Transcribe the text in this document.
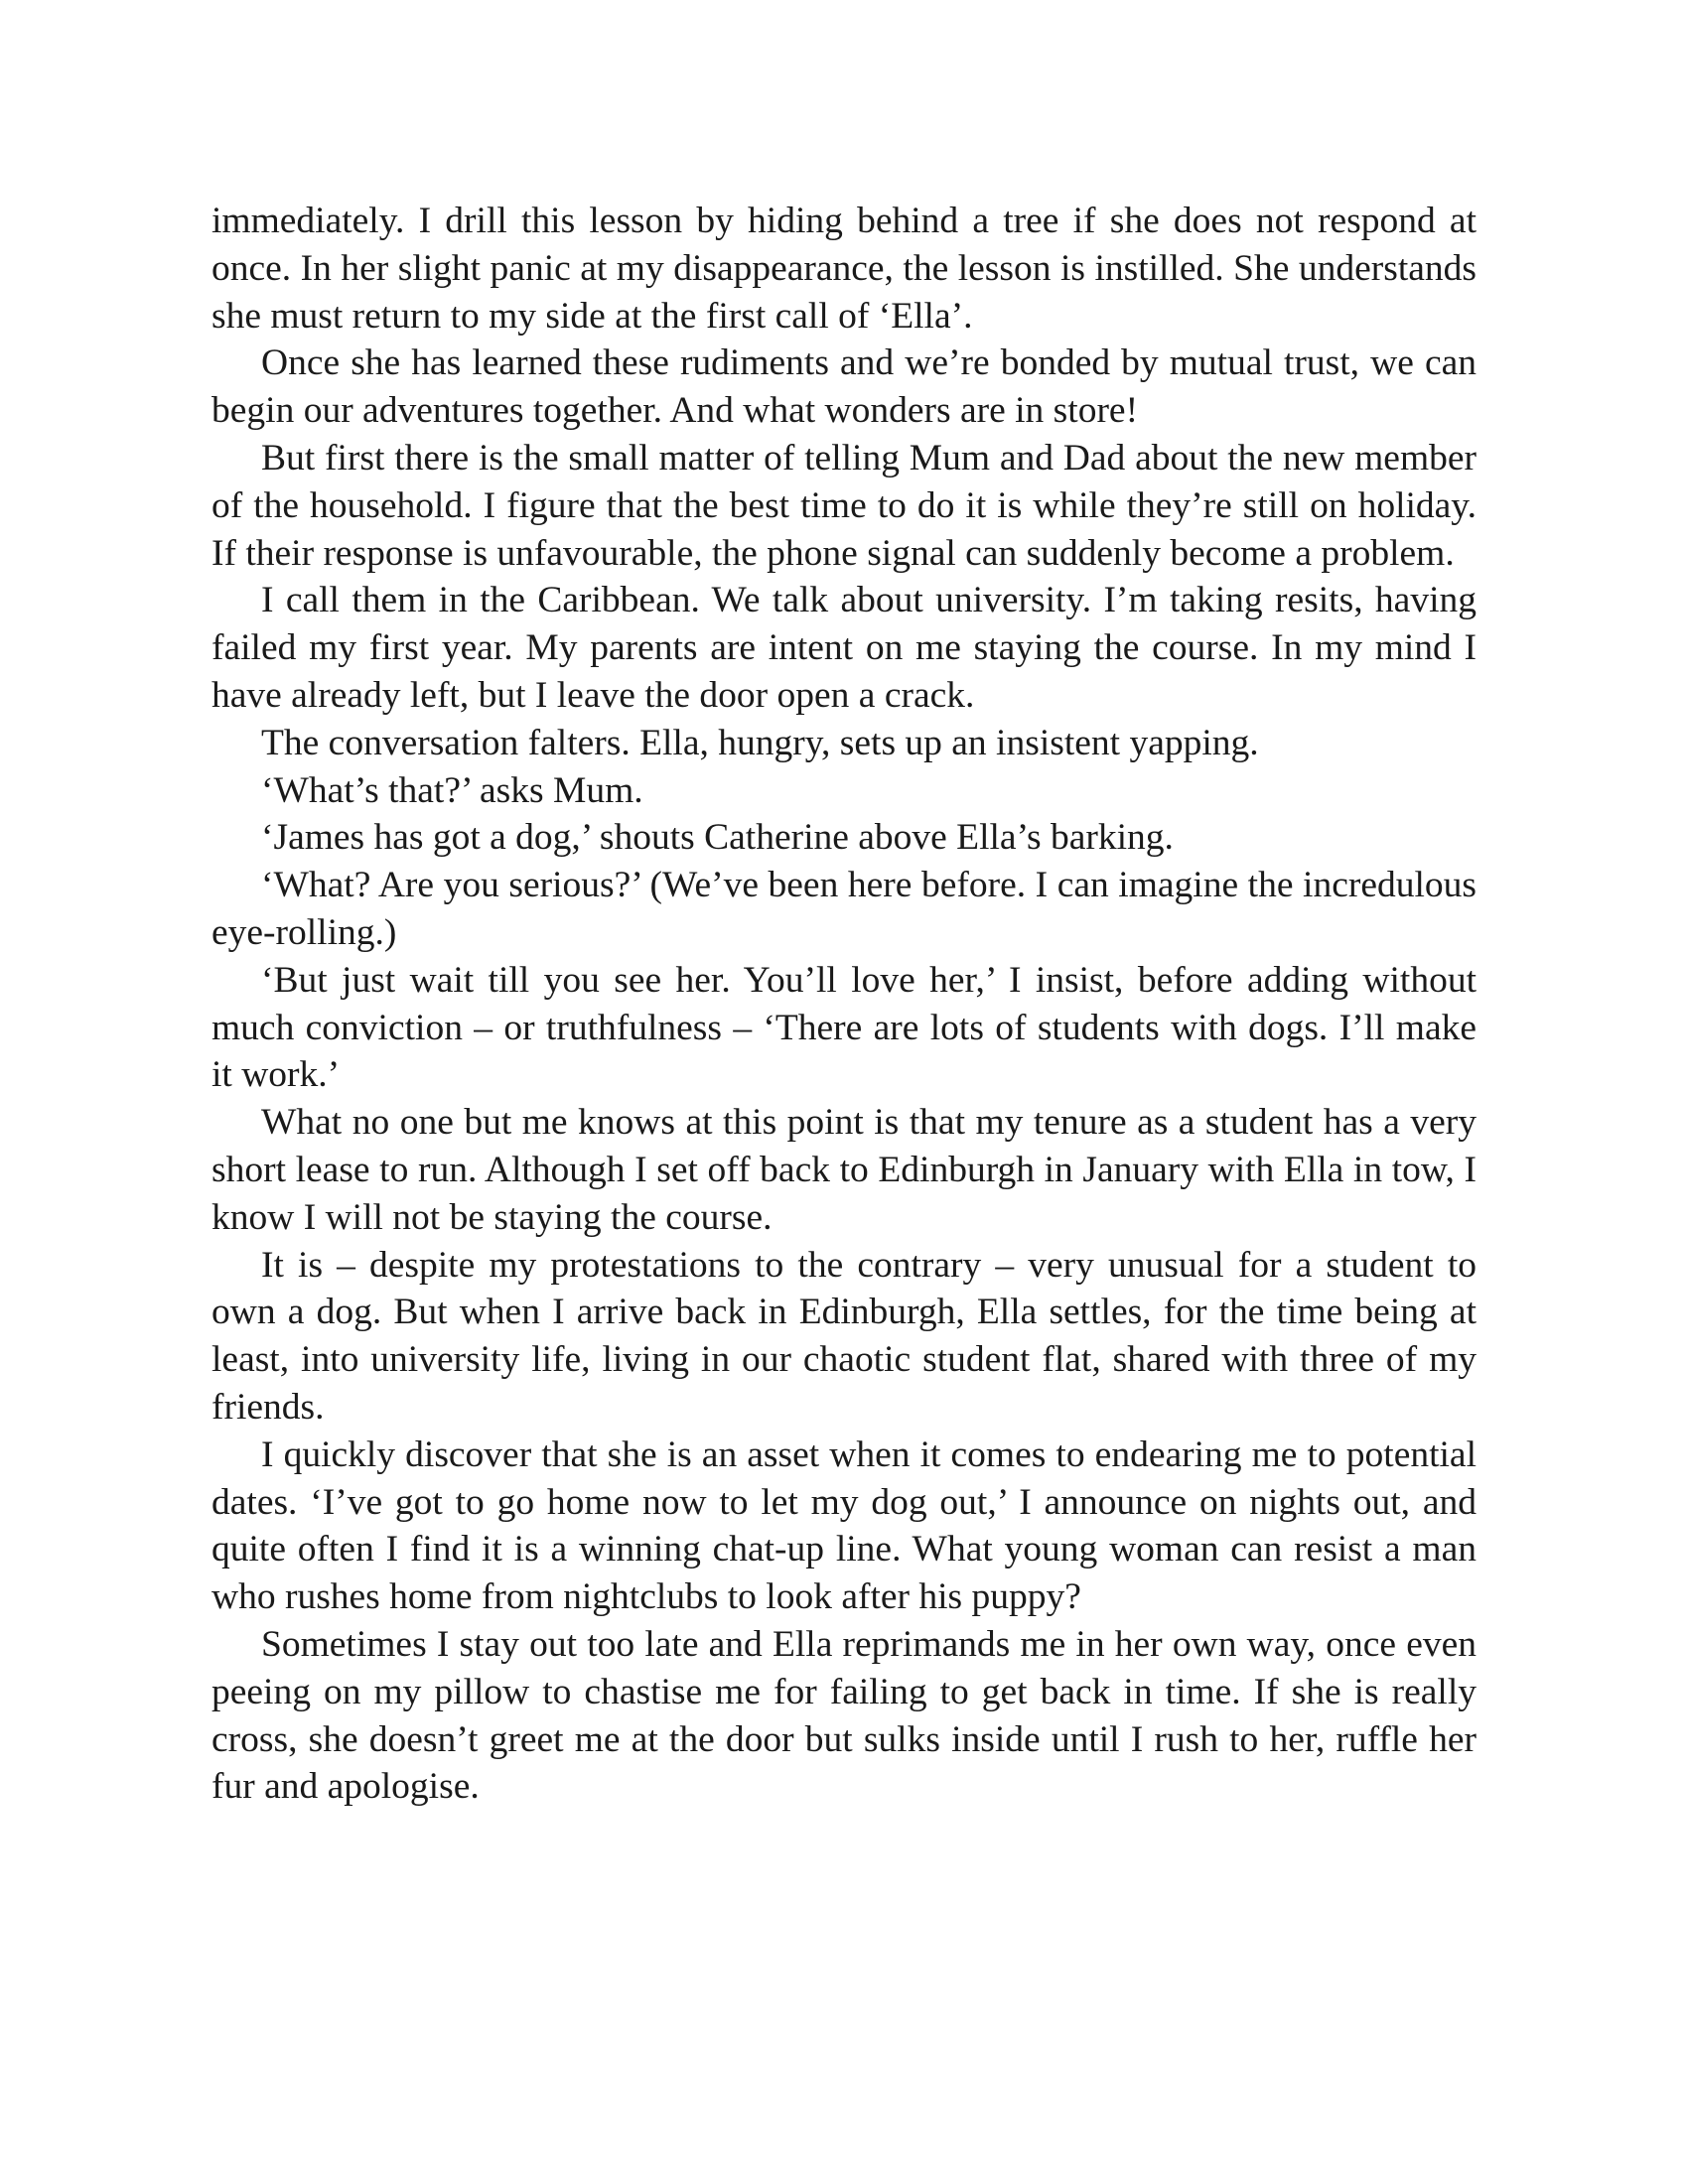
immediately. I drill this lesson by hiding behind a tree if she does not respond at once. In her slight panic at my disappearance, the lesson is instilled. She understands she must return to my side at the first call of ‘Ella’.

Once she has learned these rudiments and we’re bonded by mutual trust, we can begin our adventures together. And what wonders are in store!

But first there is the small matter of telling Mum and Dad about the new member of the household. I figure that the best time to do it is while they’re still on holiday. If their response is unfavourable, the phone signal can suddenly become a problem.

I call them in the Caribbean. We talk about university. I’m taking resits, having failed my first year. My parents are intent on me staying the course. In my mind I have already left, but I leave the door open a crack.

The conversation falters. Ella, hungry, sets up an insistent yapping.

‘What’s that?’ asks Mum.

‘James has got a dog,’ shouts Catherine above Ella’s barking.

‘What? Are you serious?’ (We’ve been here before. I can imagine the incredulous eye-rolling.)

‘But just wait till you see her. You’ll love her,’ I insist, before adding without much conviction – or truthfulness – ‘There are lots of students with dogs. I’ll make it work.’

What no one but me knows at this point is that my tenure as a student has a very short lease to run. Although I set off back to Edinburgh in January with Ella in tow, I know I will not be staying the course.

It is – despite my protestations to the contrary – very unusual for a student to own a dog. But when I arrive back in Edinburgh, Ella settles, for the time being at least, into university life, living in our chaotic student flat, shared with three of my friends.

I quickly discover that she is an asset when it comes to endearing me to potential dates. ‘I’ve got to go home now to let my dog out,’ I announce on nights out, and quite often I find it is a winning chat-up line. What young woman can resist a man who rushes home from nightclubs to look after his puppy?

Sometimes I stay out too late and Ella reprimands me in her own way, once even peeing on my pillow to chastise me for failing to get back in time. If she is really cross, she doesn’t greet me at the door but sulks inside until I rush to her, ruffle her fur and apologise.
